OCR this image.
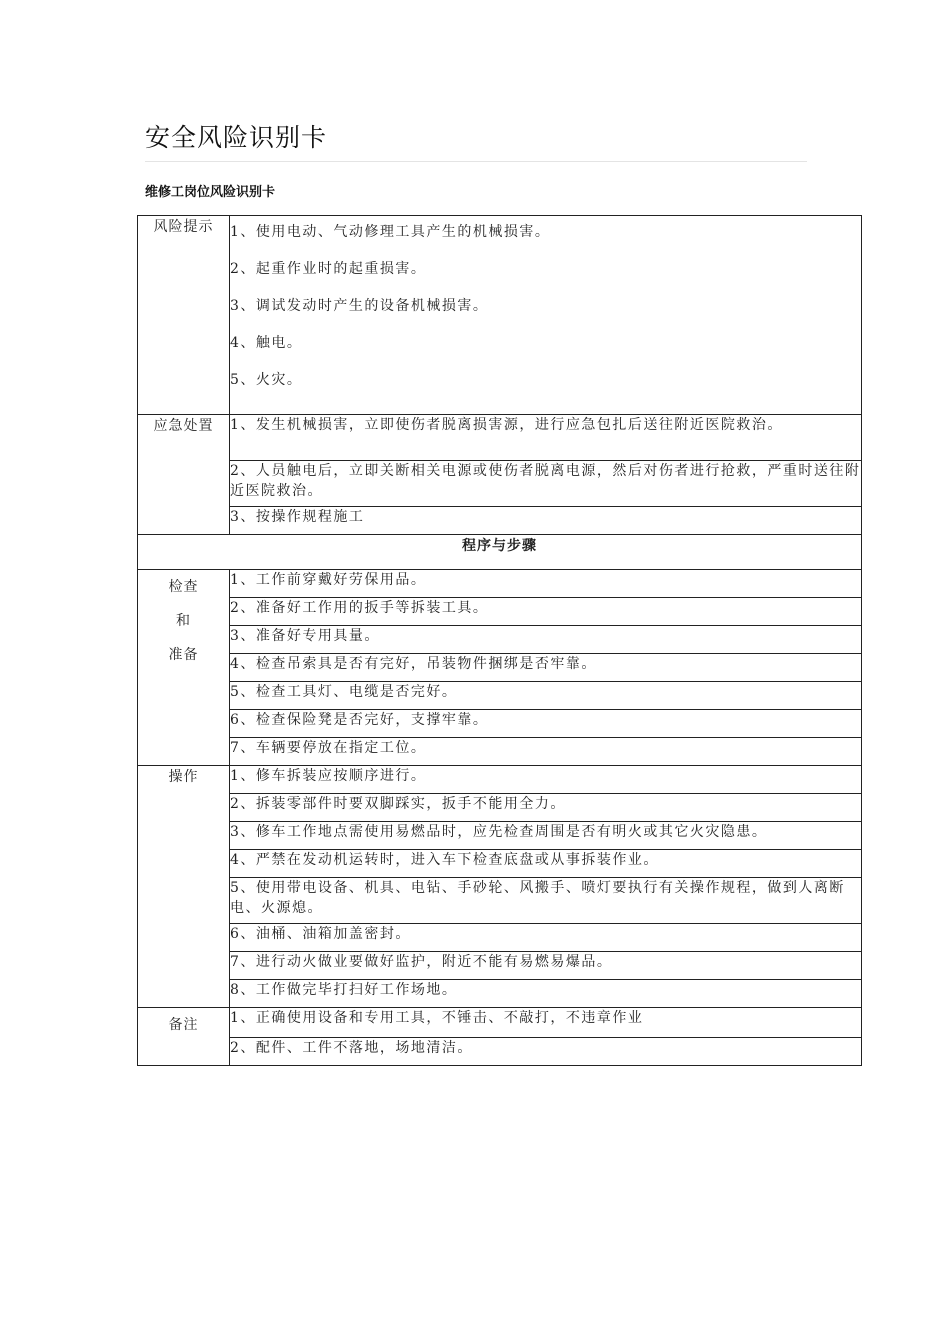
安全风险识别卡
维修工岗位风险识别卡
风险提示	1、使用电动、气动修理工具产生的机械损害。
2、起重作业时的起重损害。
3、调试发动时产生的设备机械损害。
4、触电。
5、火灾。

应急处置	1、发生机械损害，立即使伤者脱离损害源，进行应急包扎后送往附近医院救治。
	2、人员触电后，立即关断相关电源或使伤者脱离电源，然后对伤者进行抢救，严重时送往附近医院救治。
	3、按操作规程施工
程序与步骤	

检查
和
准备	1、工作前穿戴好劳保用品。
	2、准备好工作用的扳手等拆装工具。
	3、准备好专用具量。
	4、检查吊索具是否有完好，吊装物件捆绑是否牢靠。
	5、检查工具灯、电缆是否完好。
	6、检查保险凳是否完好，支撑牢靠。
	7、车辆要停放在指定工位。
操作	1、修车拆装应按顺序进行。
	2、拆装零部件时要双脚踩实，扳手不能用全力。
	3、修车工作地点需使用易燃品时，应先检查周围是否有明火或其它火灾隐患。
	4、严禁在发动机运转时，进入车下检查底盘或从事拆装作业。
	5、使用带电设备、机具、电钻、手砂轮、风搬手、喷灯要执行有关操作规程，做到人离断电、火源熄。
	6、油桶、油箱加盖密封。
	7、进行动火做业要做好监护，附近不能有易燃易爆品。
	8、工作做完毕打扫好工作场地。
备注	1、正确使用设备和专用工具，不锤击、不敲打，不违章作业
	2、配件、工件不落地，场地清洁。
